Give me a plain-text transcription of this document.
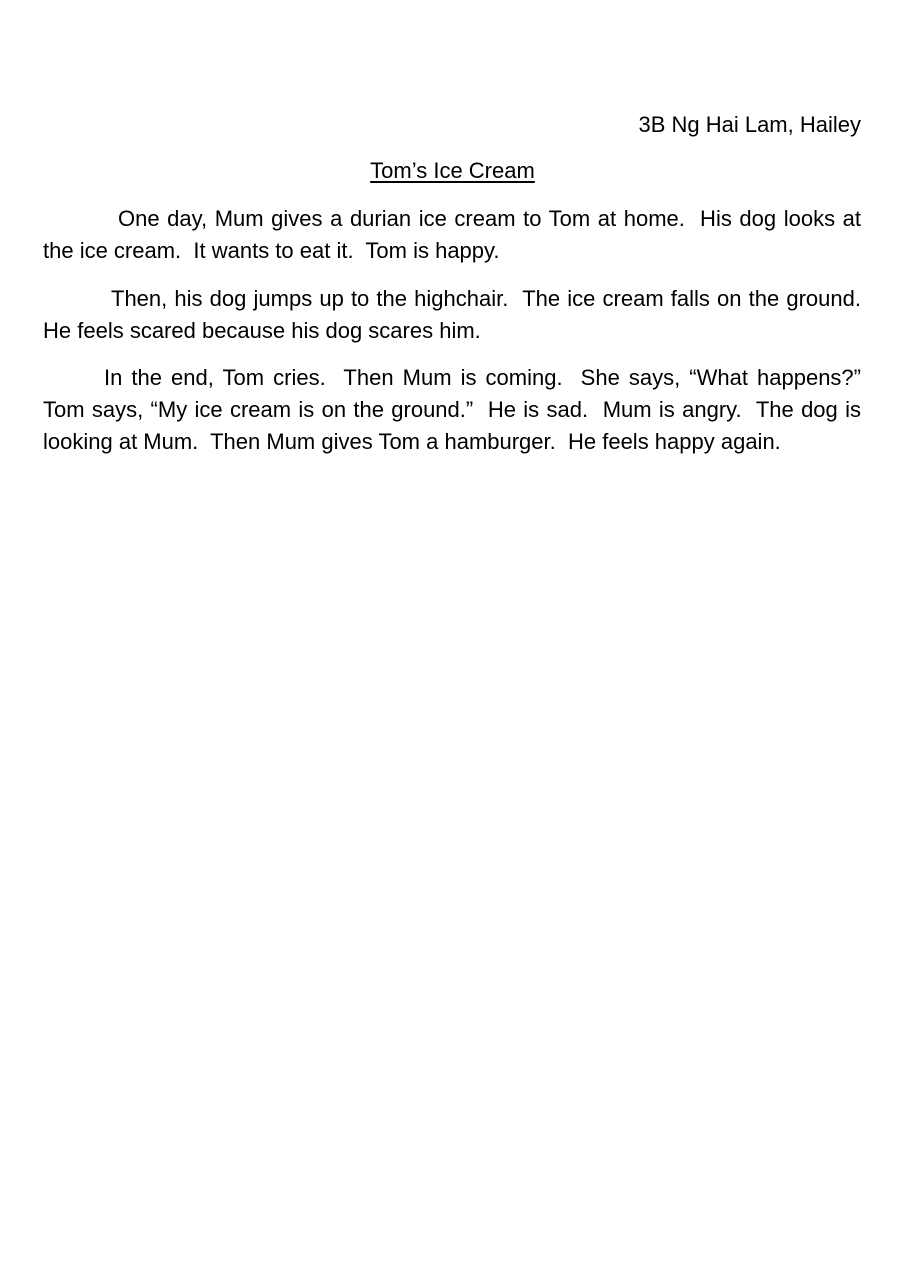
3B Ng Hai Lam, Hailey
Tom’s Ice Cream

One day, Mum gives a durian ice cream to Tom at home.  His dog looks at the ice cream.  It wants to eat it.  Tom is happy.

Then, his dog jumps up to the highchair.  The ice cream falls on the ground.  He feels scared because his dog scares him.

In the end, Tom cries.  Then Mum is coming.  She says, “What happens?”  Tom says, “My ice cream is on the ground.”  He is sad.  Mum is angry.  The dog is looking at Mum.  Then Mum gives Tom a hamburger.  He feels happy again.
